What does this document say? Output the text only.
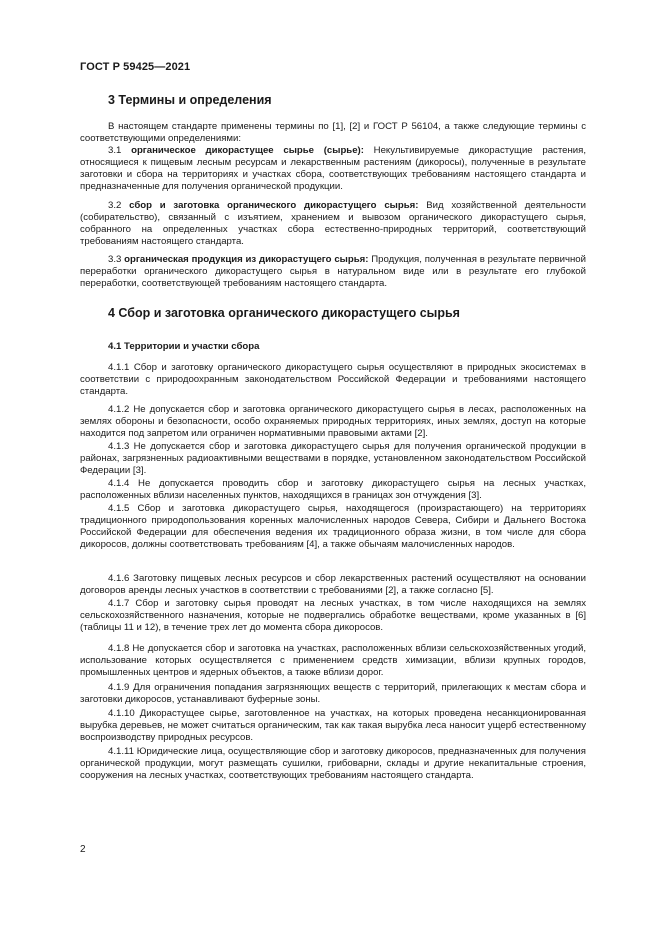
ГОСТ Р 59425—2021
3 Термины и определения

В настоящем стандарте применены термины по [1], [2] и ГОСТ Р 56104, а также следующие термины с соответствующими определениями:

3.1 органическое дикорастущее сырье (сырье): Некультивируемые дикорастущие растения, относящиеся к пищевым лесным ресурсам и лекарственным растениям (дикоросы), полученные в результате заготовки и сбора на территориях и участках сбора, соответствующих требованиям настоящего стандарта и предназначенные для получения органической продукции.

3.2 сбор и заготовка органического дикорастущего сырья: Вид хозяйственной деятельности (собирательство), связанный с изъятием, хранением и вывозом органического дикорастущего сырья, собранного на определенных участках сбора естественно-природных территорий, соответствующий требованиям настоящего стандарта.

3.3 органическая продукция из дикорастущего сырья: Продукция, полученная в результате первичной переработки органического дикорастущего сырья в натуральном виде или в результате его глубокой переработки, соответствующей требованиям настоящего стандарта.

4 Сбор и заготовка органического дикорастущего сырья
4.1 Территории и участки сбора

4.1.1 Сбор и заготовку органического дикорастущего сырья осуществляют в природных экосистемах в соответствии с природоохранным законодательством Российской Федерации и требованиями настоящего стандарта.

4.1.2 Не допускается сбор и заготовка органического дикорастущего сырья в лесах, расположенных на землях обороны и безопасности, особо охраняемых природных территориях, иных землях, доступ на которые находится под запретом или ограничен нормативными правовыми актами [2].

4.1.3 Не допускается сбор и заготовка дикорастущего сырья для получения органической продукции в районах, загрязненных радиоактивными веществами в порядке, установленном законодательством Российской Федерации [3].

4.1.4 Не допускается проводить сбор и заготовку дикорастущего сырья на лесных участках, расположенных вблизи населенных пунктов, находящихся в границах зон отчуждения [3].

4.1.5 Сбор и заготовка дикорастущего сырья, находящегося (произрастающего) на территориях традиционного природопользования коренных малочисленных народов Севера, Сибири и Дальнего Востока Российской Федерации для обеспечения ведения их традиционного образа жизни, в том числе для сбора дикоросов, должны соответствовать требованиям [4], а также обычаям малочисленных народов.

4.1.6 Заготовку пищевых лесных ресурсов и сбор лекарственных растений осуществляют на основании договоров аренды лесных участков в соответствии с требованиями [2], а также согласно [5].

4.1.7 Сбор и заготовку сырья проводят на лесных участках, в том числе находящихся на землях сельскохозяйственного назначения, которые не подвергались обработке веществами, кроме указанных в [6] (таблицы 11 и 12), в течение трех лет до момента сбора дикоросов.

4.1.8 Не допускается сбор и заготовка на участках, расположенных вблизи сельскохозяйственных угодий, использование которых осуществляется с применением средств химизации, вблизи крупных городов, промышленных центров и ядерных объектов, а также вблизи дорог.

4.1.9 Для ограничения попадания загрязняющих веществ с территорий, прилегающих к местам сбора и заготовки дикоросов, устанавливают буферные зоны.

4.1.10 Дикорастущее сырье, заготовленное на участках, на которых проведена несанкционированная вырубка деревьев, не может считаться органическим, так как такая вырубка леса наносит ущерб естественному воспроизводству природных ресурсов.

4.1.11 Юридические лица, осуществляющие сбор и заготовку дикоросов, предназначенных для получения органической продукции, могут размещать сушилки, грибоварни, склады и другие некапитальные строения, сооружения на лесных участках, соответствующих требованиям настоящего стандарта.

2
